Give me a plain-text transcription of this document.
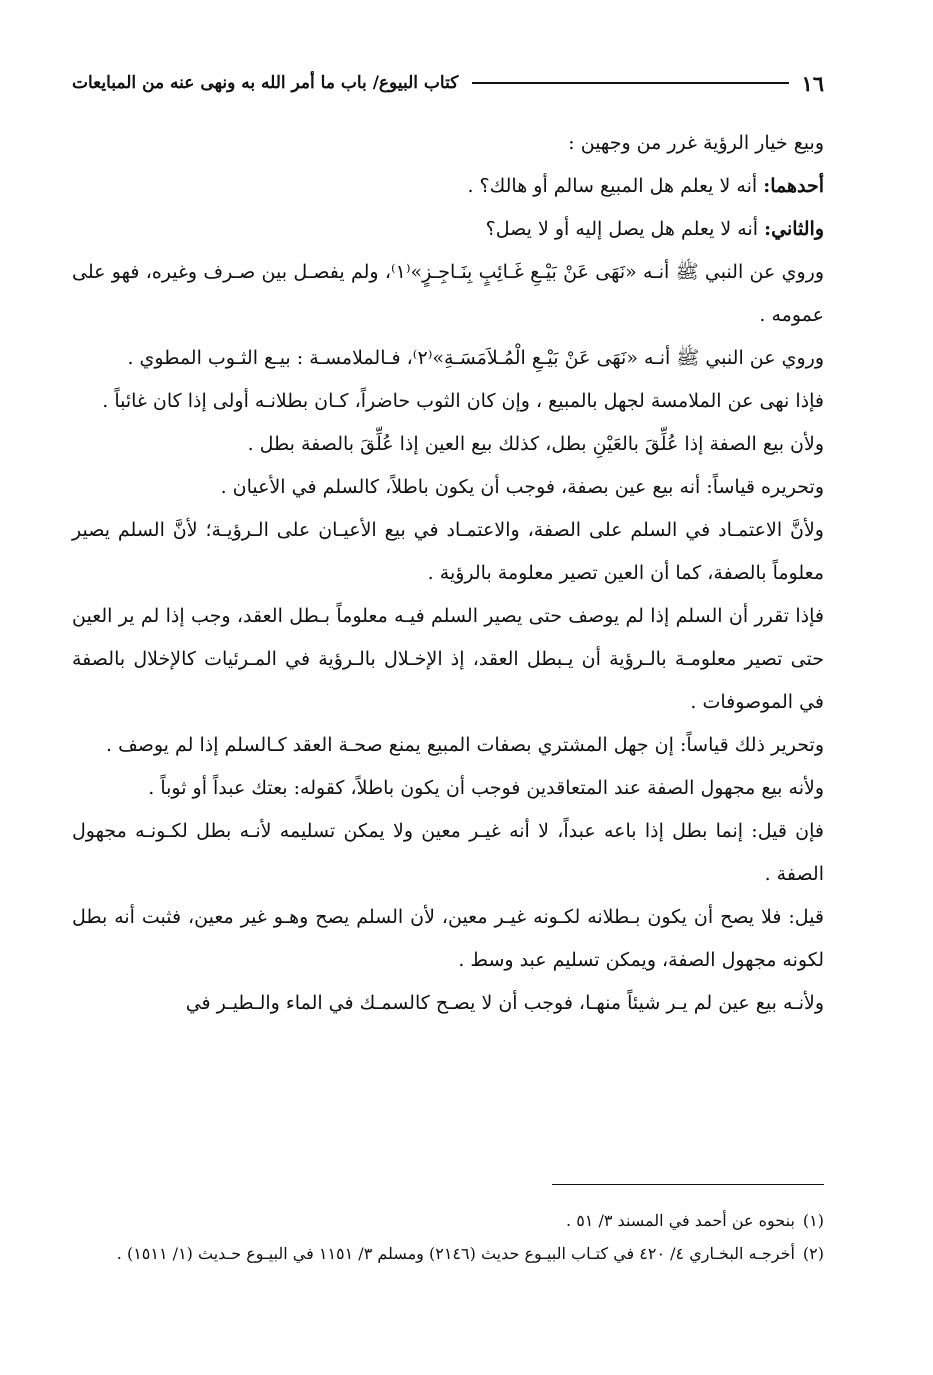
١٦
كتاب البيوع/ باب ما أمر الله به ونهى عنه من المبايعات

وبيع خيار الرؤية غرر من وجهين :

أحدهما: أنه لا يعلم هل المبيع سالم أو هالك؟ .

والثاني: أنه لا يعلم هل يصل إليه أو لا يصل؟

وروي عن النبي ﷺ أنـه «نَهَى عَنْ بَيْـعِ غَـائِبٍ بِنَـاجِـزٍ»⁽١⁾، ولم يفصـل بين صـرف وغيره، فهو على عمومه .

وروي عن النبي ﷺ أنـه «نَهَى عَنْ بَيْـعِ الْمُـلاَمَسَـةِ»⁽٢⁾، فـالملامسـة : بيـع الثـوب المطوي .

فإذا نهى عن الملامسة لجهل بالمبيع ، وإن كان الثوب حاضراً، كـان بطلانـه أولى إذا كان غائباً .

ولأن بيع الصفة إذا عُلِّقَ بالعَيْنِ بطل، كذلك بيع العين إذا عُلِّقَ بالصفة بطل .

وتحريره قياساً: أنه بيع عين بصفة، فوجب أن يكون باطلاً، كالسلم في الأعيان .

ولأنَّ الاعتمـاد في السلم على الصفة، والاعتمـاد في بيع الأعيـان على الـرؤيـة؛ لأنَّ السلم يصير معلوماً بالصفة، كما أن العين تصير معلومة بالرؤية .

فإذا تقرر أن السلم إذا لم يوصف حتى يصير السلم فيـه معلوماً بـطل العقد، وجب إذا لم ير العين حتى تصير معلومـة بالـرؤية أن يـبطل العقد، إذ الإخـلال بالـرؤية في المـرئيات كالإخلال بالصفة في الموصوفات .

وتحرير ذلك قياساً: إن جهل المشتري بصفات المبيع يمنع صحـة العقد كـالسلم إذا لم يوصف .

ولأنه بيع مجهول الصفة عند المتعاقدين فوجب أن يكون باطلاً، كقوله: بعتك عبداً أو ثوباً .

فإن قيل: إنما بطل إذا باعه عبداً، لا أنه غيـر معين ولا يمكن تسليمه لأنـه بطل لكـونـه مجهول الصفة .

قيل: فلا يصح أن يكون بـطلانه لكـونه غيـر معين، لأن السلم يصح وهـو غير معين، فثبت أنه بطل لكونه مجهول الصفة، ويمكن تسليم عبد وسط .

ولأنـه بيع عين لم يـر شيئاً منهـا، فوجب أن لا يصـح كالسمـك في الماء والـطيـر في

(١)بنحوه عن أحمد في المسند ٣/ ٥١ .

(٢)أخرجـه البخـاري ٤/ ٤٢٠ في كتـاب البيـوع حديث (٢١٤٦) ومسلم ٣/ ١١٥١ في البيـوع حـديث (١/ ١٥١١) .
